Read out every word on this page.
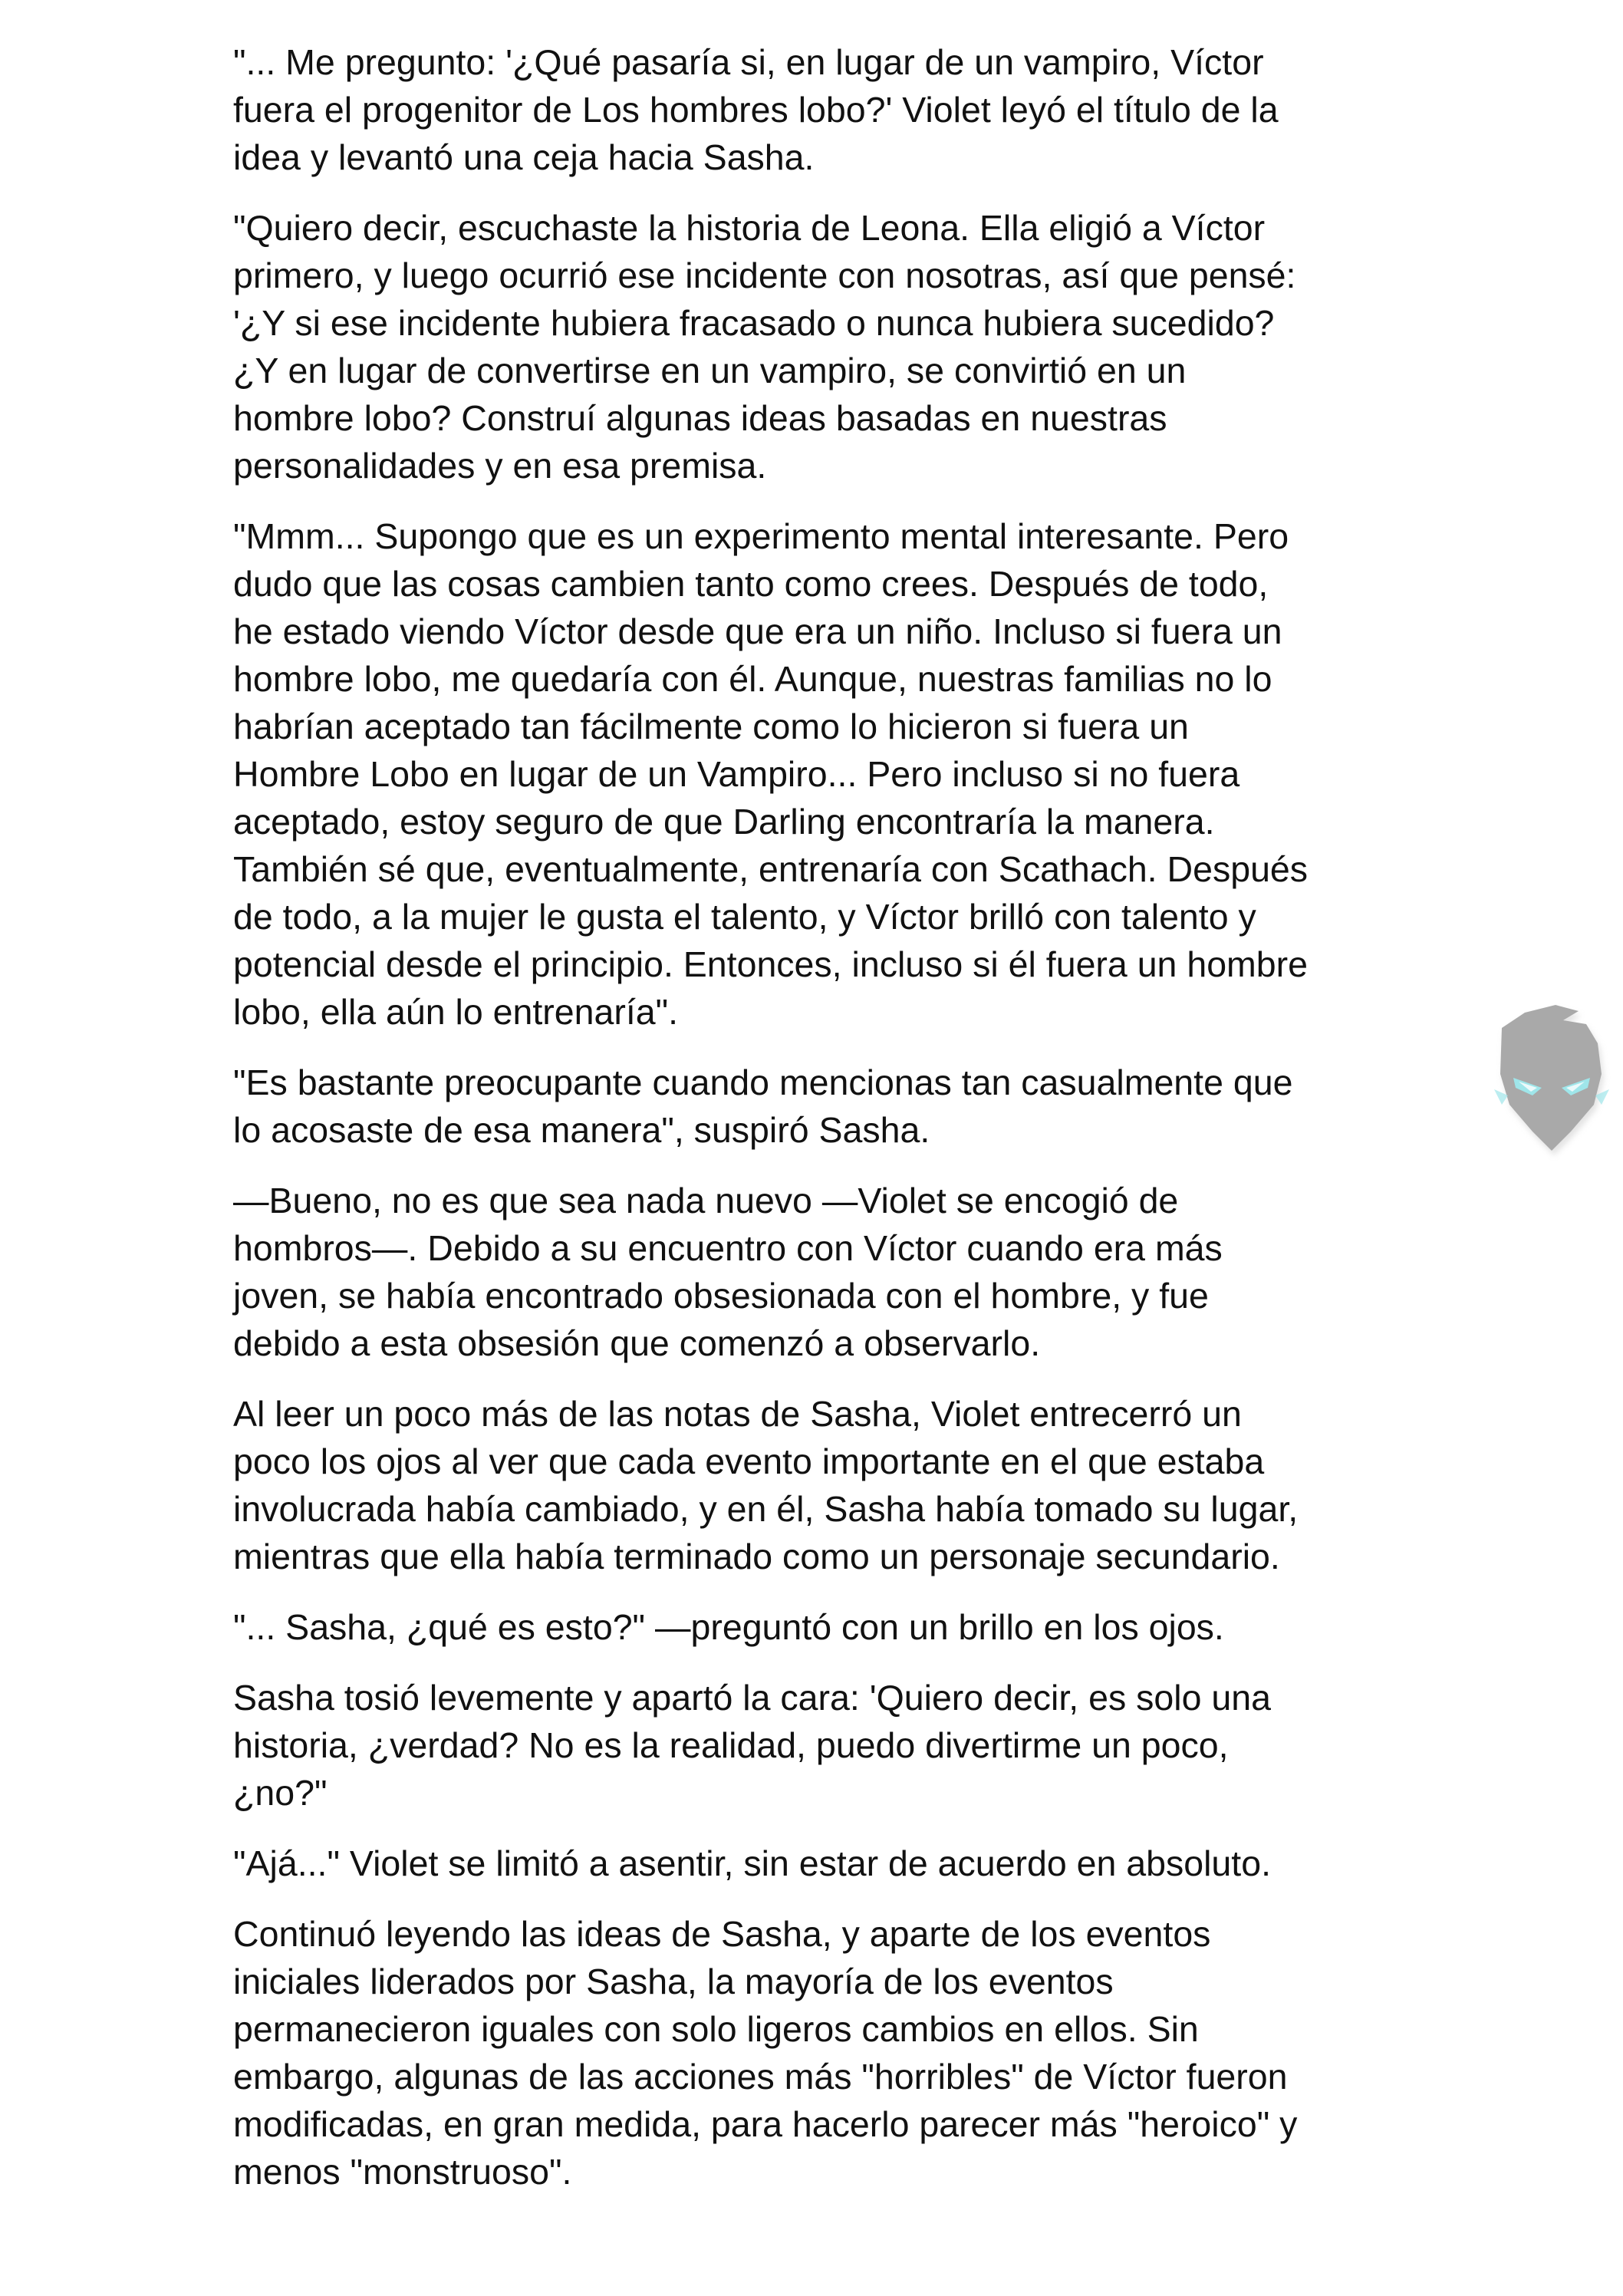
"... Me pregunto: '¿Qué pasaría si, en lugar de un vampiro, Víctor
fuera el progenitor de Los hombres lobo?' Violet leyó el título de la
idea y levantó una ceja hacia Sasha.

"Quiero decir, escuchaste la historia de Leona. Ella eligió a Víctor
primero, y luego ocurrió ese incidente con nosotras, así que pensé:
'¿Y si ese incidente hubiera fracasado o nunca hubiera sucedido?
¿Y en lugar de convertirse en un vampiro, se convirtió en un
hombre lobo? Construí algunas ideas basadas en nuestras
personalidades y en esa premisa.

"Mmm... Supongo que es un experimento mental interesante. Pero
dudo que las cosas cambien tanto como crees. Después de todo,
he estado viendo Víctor desde que era un niño. Incluso si fuera un
hombre lobo, me quedaría con él. Aunque, nuestras familias no lo
habrían aceptado tan fácilmente como lo hicieron si fuera un
Hombre Lobo en lugar de un Vampiro... Pero incluso si no fuera
aceptado, estoy seguro de que Darling encontraría la manera.
También sé que, eventualmente, entrenaría con Scathach. Después
de todo, a la mujer le gusta el talento, y Víctor brilló con talento y
potencial desde el principio. Entonces, incluso si él fuera un hombre
lobo, ella aún lo entrenaría".

"Es bastante preocupante cuando mencionas tan casualmente que
lo acosaste de esa manera", suspiró Sasha.

—Bueno, no es que sea nada nuevo —Violet se encogió de
hombros—. Debido a su encuentro con Víctor cuando era más
joven, se había encontrado obsesionada con el hombre, y fue
debido a esta obsesión que comenzó a observarlo.

Al leer un poco más de las notas de Sasha, Violet entrecerró un
poco los ojos al ver que cada evento importante en el que estaba
involucrada había cambiado, y en él, Sasha había tomado su lugar,
mientras que ella había terminado como un personaje secundario.

"... Sasha, ¿qué es esto?" —preguntó con un brillo en los ojos.

Sasha tosió levemente y apartó la cara: 'Quiero decir, es solo una
historia, ¿verdad? No es la realidad, puedo divertirme un poco,
¿no?"

"Ajá..." Violet se limitó a asentir, sin estar de acuerdo en absoluto.

Continuó leyendo las ideas de Sasha, y aparte de los eventos
iniciales liderados por Sasha, la mayoría de los eventos
permanecieron iguales con solo ligeros cambios en ellos. Sin
embargo, algunas de las acciones más "horribles" de Víctor fueron
modificadas, en gran medida, para hacerlo parecer más "heroico" y
menos "monstruoso".
